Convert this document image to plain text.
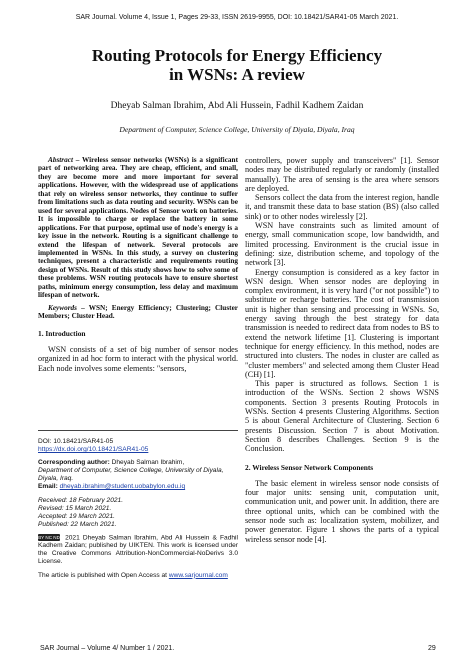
SAR Journal. Volume 4, Issue 1, Pages 29-33, ISSN 2619-9955, DOI: 10.18421/SAR41-05 March 2021.
Routing Protocols for Energy Efficiency
in WSNs: A review
Dheyab Salman Ibrahim, Abd Ali Hussein, Fadhil Kadhem Zaidan
Department of Computer, Science College, University of Diyala, Diyala, Iraq

Abstract – Wireless sensor networks (WSNs) is a significant part of networking area. They are cheap, efficient, and small, they are become more and more important for several applications. However, with the widespread use of applications that rely on wireless sensor networks, they continue to suffer from limitations such as data routing and security. WSNs can be used for several applications. Nodes of Sensor work on batteries. It is impossible to charge or replace the battery in some applications. For that purpose, optimal use of node's energy is a key issue in the network. Routing is a significant challenge to extend the lifespan of network. Several protocols are implemented in WSNs. In this study, a survey on clustering techniques, present a characteristic and requirements routing design of WSNs. Result of this study shows how to solve some of these problems. WSN routing protocols have to ensure shortest paths, minimum energy consumption, less delay and maximum lifespan of network.

Keywords – WSN; Energy Efficiency; Clustering; Cluster Members; Cluster Head.

1. Introduction

WSN consists of a set of big number of sensor nodes organized in ad hoc form to interact with the physical world. Each node involves some elements: "sensors,

DOI: 10.18421/SAR41-05

https://dx.doi.org/10.18421/SAR41-05

Corresponding author: Dheyab Salman Ibrahim,

Department of Computer, Science College, University of Diyala, Diyala, Iraq.

Email: dheyab.ibrahim@student.uobabylon.edu.iq

Received: 18 February 2021.

Revised: 15 March 2021.

Accepted: 19 March 2021.

Published: 22 March 2021.

BY NC ND 2021 Dheyab Salman Ibrahim, Abd Ali Hussein & Fadhil Kadhem Zaidan; published by UIKTEN. This work is licensed under the Creative Commons Attribution-NonCommercial-NoDerivs 3.0 License.

The article is published with Open Access at www.sarjournal.com

controllers, power supply and transceivers" [1]. Sensor nodes may be distributed regularly or randomly (installed manually). The area of sensing is the area where sensors are deployed.

Sensors collect the data from the interest region, handle it, and transmit these data to base station (BS) (also called sink) or to other nodes wirelessly [2].

WSN have constraints such as limited amount of energy, small communication scope, low bandwidth, and limited processing. Environment is the crucial issue in defining: size, distribution scheme, and topology of the network [3].

Energy consumption is considered as a key factor in WSN design. When sensor nodes are deploying in complex environment, it is very hard ("or not possible") to substitute or recharge batteries. The cost of transmission unit is higher than sensing and processing in WSNs. So, energy saving through the best strategy for data transmission is needed to redirect data from nodes to BS to extend the network lifetime [1]. Clustering is important technique for energy efficiency. In this method, nodes are structured into clusters. The nodes in cluster are called as "cluster members" and selected among them Cluster Head (CH) [1].

This paper is structured as follows. Section 1 is introduction of the WSNs. Section 2 shows WSNS components. Section 3 presents Routing Protocols in WSNs. Section 4 presents Clustering Algorithms. Section 5 is about General Architecture of Clustering. Section 6 presents Discussion. Section 7 is about Motivation. Section 8 describes Challenges. Section 9 is the Conclusion.

2. Wireless Sensor Network Components

The basic element in wireless sensor node consists of four major units: sensing unit, computation unit, communication unit, and power unit. In addition, there are three optional units, which can be combined with the sensor node such as: localization system, mobilizer, and power generator. Figure 1 shows the parts of a typical wireless sensor node [4].

SAR Journal – Volume 4/ Number 1 / 2021.	29
